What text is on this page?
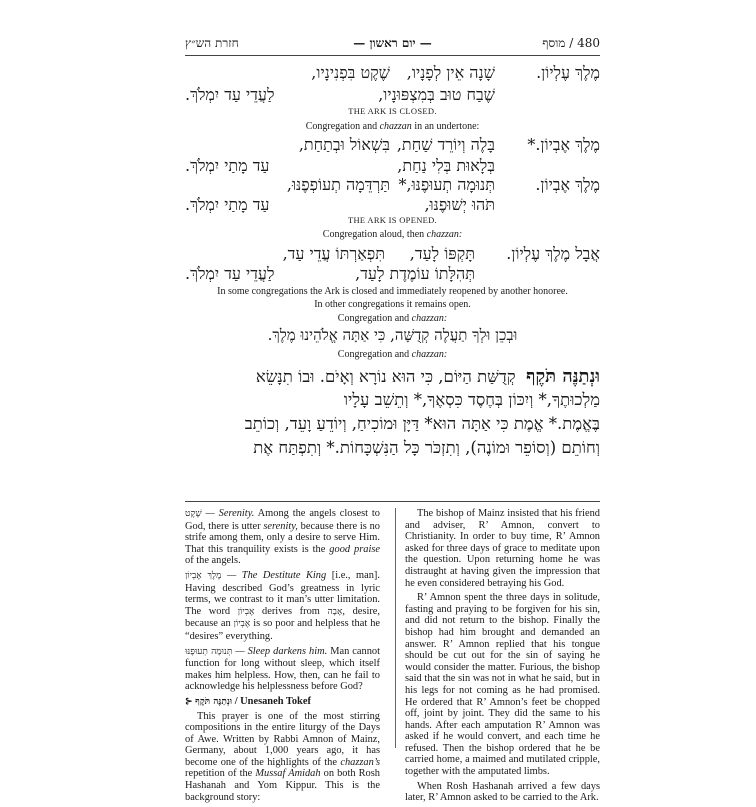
480 / מוסף
— יום ראשון —
חזרת הש״ץ
מֶלֶךְ עֶלְיוֹן.
שָׁנָה אֵין לְפָנָיו,
שֶׁקֶט בִּפְנִינָיו,
שֶׁבַח טוּב בְּמִצְפּוּנָיו,
לַעֲדֵי עַד יִמְלֹךְ.
THE ARK IS CLOSED.
Congregation and chazzan in an undertone:
מֶלֶךְ אֶבְיוֹן.*
בָּלֶה וְיוֹרֵד שַׁחַת,
בִּשְׁאוֹל וּבְתַחַת,
בְּלָאוּת בְּלִי נַחַת,
עַד מָתַי יִמְלֹךְ.
מֶלֶךְ אֶבְיוֹן.
תְּנוּמָה תְעוּפֶנּוּ,*
תַּרְדֵּמָה תְעוֹפְפֶנּוּ,
תֹּהוּ יְשׁוּפֶנּוּ,
עַד מָתַי יִמְלֹךְ.
THE ARK IS OPENED.
Congregation aloud, then chazzan:
אֲבָל מֶלֶךְ עֶלְיוֹן.
תָּקְפּוֹ לָעַד,
תִּפְאַרְתּוֹ עֲדֵי עַד,
תְּהִלָּתוֹ עוֹמֶדֶת לָעַד,
לַעֲדֵי עַד יִמְלֹךְ.
In some congregations the Ark is closed and immediately reopened by another honoree.
In other congregations it remains open.
Congregation and chazzan:
וּבְכֵן וּלְךָ תַעֲלֶה קְדֻשָּׁה, כִּי אַתָּה אֱלֹהֵינוּ מֶלֶךְ.
Congregation and chazzan:
וּנְתַנֶּה תֹּקֶף  קְדֻשַּׁת הַיּוֹם, כִּי הוּא נוֹרָא וְאָיֹם. וּבוֹ תִנָּשֵׂא
מַלְכוּתֶךָ,* וְיִכּוֹן בְּחֶסֶד כִּסְאֶךָ,* וְתֵשֵׁב עָלָיו
בֶּאֱמֶת.* אֱמֶת כִּי אַתָּה הוּא* דַּיָּן וּמוֹכִיחַ, וְיוֹדֵעַ וָעֵד, וְכוֹתֵב
וְחוֹתֵם (וְסוֹפֵר וּמוֹנֶה), וְתִזְכֹּר כָּל הַנִּשְׁכָּחוֹת.* וְתִפְתַּח אֶת

שֶׁקֶט — Serenity. Among the angels closest to God, there is utter serenity, because there is no strife among them, only a desire to serve Him. That this tranquility exists is the good praise of the angels.

מֶלֶךְ אֶבְיוֹן — The Destitute King [i.e., man]. Having described God’s greatness in lyric terms, we contrast to it man’s utter limitation. The word אֶבְיוֹן derives from אָבָה, desire, because an אֶבְיוֹן is so poor and helpless that he “desires” everything.

תְּנוּמָה תְעוּפֶנּוּ — Sleep darkens him. Man cannot function for long without sleep, which itself makes him helpless. How, then, can he fail to acknowledge his helplessness before God?

⊱ וּנְתַנֶּה תֹּקֶף / Unesaneh Tokef

This prayer is one of the most stirring compositions in the entire liturgy of the Days of Awe. Written by Rabbi Amnon of Mainz, Germany, about 1,000 years ago, it has become one of the highlights of the chazzan’s repetition of the Mussaf Amidah on both Rosh Hashanah and Yom Kippur. This is the background story:

The bishop of Mainz insisted that his friend and adviser, R’ Amnon, convert to Christianity. In order to buy time, R’ Amnon asked for three days of grace to meditate upon the question. Upon returning home he was distraught at having given the impression that he even considered betraying his God.

R’ Amnon spent the three days in solitude, fasting and praying to be forgiven for his sin, and did not return to the bishop. Finally the bishop had him brought and demanded an answer. R’ Amnon replied that his tongue should be cut out for the sin of saying he would consider the matter. Furious, the bishop said that the sin was not in what he said, but in his legs for not coming as he had promised. He ordered that R’ Amnon’s feet be chopped off, joint by joint. They did the same to his hands. After each amputation R’ Amnon was asked if he would convert, and each time he refused. Then the bishop ordered that he be carried home, a maimed and mutilated cripple, together with the amputated limbs.

When Rosh Hashanah arrived a few days later, R’ Amnon asked to be carried to the Ark.
